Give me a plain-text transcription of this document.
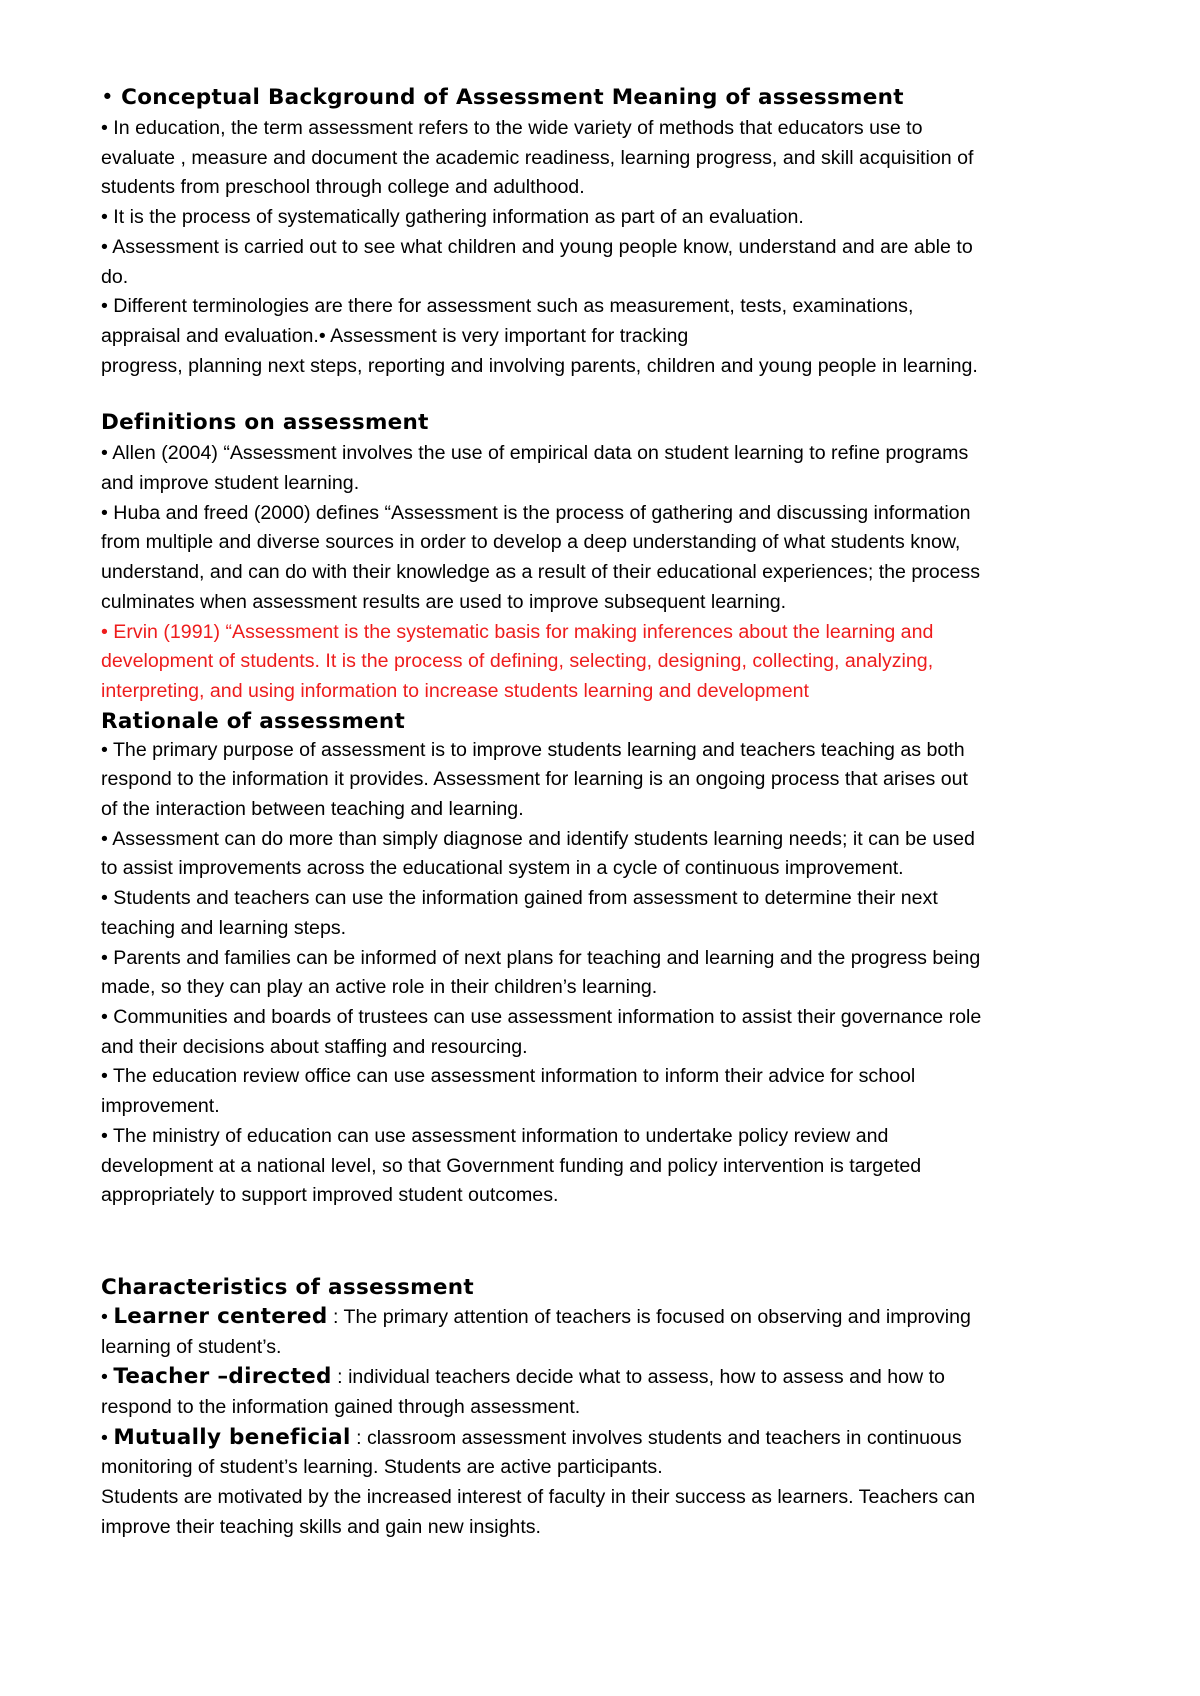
• Conceptual Background of Assessment Meaning of assessment

• In education, the term assessment refers to the wide variety of methods that educators use to

evaluate , measure and document the academic readiness, learning progress, and skill acquisition of

students from preschool through college and adulthood.

• It is the process of systematically gathering information as part of an evaluation.

• Assessment is carried out to see what children and young people know, understand and are able to

do.

• Different terminologies are there for assessment such as measurement, tests, examinations,

appraisal and evaluation.• Assessment is very important for tracking

progress, planning next steps, reporting and involving parents, children and young people in learning.

Definitions on assessment

• Allen (2004) “Assessment involves the use of empirical data on student learning to refine programs

and improve student learning.

• Huba and freed (2000) defines “Assessment is the process of gathering and discussing information

from multiple and diverse sources in order to develop a deep understanding of what students know,

understand, and can do with their knowledge as a result of their educational experiences; the process

culminates when assessment results are used to improve subsequent learning.

• Ervin (1991) “Assessment is the systematic basis for making inferences about the learning and

development of students. It is the process of defining, selecting, designing, collecting, analyzing,

interpreting, and using information to increase students learning and development

Rationale of assessment

• The primary purpose of assessment is to improve students learning and teachers teaching as both

respond to the information it provides. Assessment for learning is an ongoing process that arises out

of the interaction between teaching and learning.

• Assessment can do more than simply diagnose and identify students learning needs; it can be used

to assist improvements across the educational system in a cycle of continuous improvement.

• Students and teachers can use the information gained from assessment to determine their next

teaching and learning steps.

• Parents and families can be informed of next plans for teaching and learning and the progress being

made, so they can play an active role in their children’s learning.

• Communities and boards of trustees can use assessment information to assist their governance role

and their decisions about staffing and resourcing.

• The education review office can use assessment information to inform their advice for school

improvement.

• The ministry of education can use assessment information to undertake policy review and

development at a national level, so that Government funding and policy intervention is targeted

appropriately to support improved student outcomes.

Characteristics of assessment

• Learner centered : The primary attention of teachers is focused on observing and improving

learning of student’s.

• Teacher –directed : individual teachers decide what to assess, how to assess and how to

respond to the information gained through assessment.

• Mutually beneficial : classroom assessment involves students and teachers in continuous

monitoring of student’s learning. Students are active participants.

Students are motivated by the increased interest of faculty in their success as learners. Teachers can

improve their teaching skills and gain new insights.
